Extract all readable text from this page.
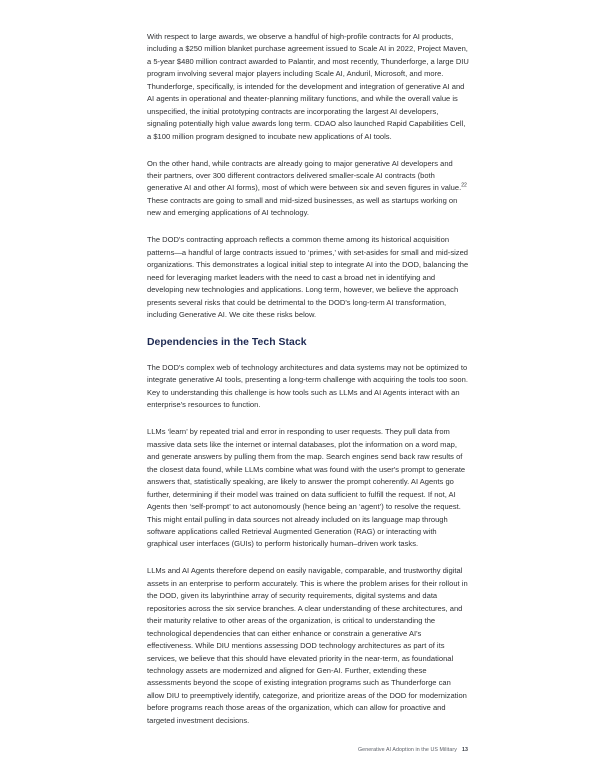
With respect to large awards, we observe a handful of high-profile contracts for AI products, including a $250 million blanket purchase agreement issued to Scale AI in 2022, Project Maven, a 5-year $480 million contract awarded to Palantir, and most recently, Thunderforge, a large DIU program involving several major players including Scale AI, Anduril, Microsoft, and more. Thunderforge, specifically, is intended for the development and integration of generative AI and AI agents in operational and theater-planning military functions, and while the overall value is unspecified, the initial prototyping contracts are incorporating the largest AI developers, signaling potentially high value awards long term. CDAO also launched Rapid Capabilities Cell, a $100 million program designed to incubate new applications of AI tools.

On the other hand, while contracts are already going to major generative AI developers and their partners, over 300 different contractors delivered smaller-scale AI contracts (both generative AI and other AI forms), most of which were between six and seven figures in value.$^{22}$ These contracts are going to small and mid-sized businesses, as well as startups working on new and emerging applications of AI technology.

The DOD's contracting approach reflects a common theme among its historical acquisition patterns—a handful of large contracts issued to ‘primes,’ with set-asides for small and mid-sized organizations. This demonstrates a logical initial step to integrate AI into the DOD, balancing the need for leveraging market leaders with the need to cast a broad net in identifying and developing new technologies and applications. Long term, however, we believe the approach presents several risks that could be detrimental to the DOD's long-term AI transformation, including Generative AI. We cite these risks below.

Dependencies in the Tech Stack

The DOD's complex web of technology architectures and data systems may not be optimized to integrate generative AI tools, presenting a long-term challenge with acquiring the tools too soon. Key to understanding this challenge is how tools such as LLMs and AI Agents interact with an enterprise's resources to function.

LLMs ‘learn’ by repeated trial and error in responding to user requests. They pull data from massive data sets like the internet or internal databases, plot the information on a word map, and generate answers by pulling them from the map. Search engines send back raw results of the closest data found, while LLMs combine what was found with the user's prompt to generate answers that, statistically speaking, are likely to answer the prompt coherently. AI Agents go further, determining if their model was trained on data sufficient to fulfill the request. If not, AI Agents then ‘self-prompt’ to act autonomously (hence being an ‘agent’) to resolve the request. This might entail pulling in data sources not already included on its language map through software applications called Retrieval Augmented Generation (RAG) or interacting with graphical user interfaces (GUIs) to perform historically human–driven work tasks.

LLMs and AI Agents therefore depend on easily navigable, comparable, and trustworthy digital assets in an enterprise to perform accurately. This is where the problem arises for their rollout in the DOD, given its labyrinthine array of security requirements, digital systems and data repositories across the six service branches. A clear understanding of these architectures, and their maturity relative to other areas of the organization, is critical to understanding the technological dependencies that can either enhance or constrain a generative AI's effectiveness. While DIU mentions assessing DOD technology architectures as part of its services, we believe that this should have elevated priority in the near-term, as foundational technology assets are modernized and aligned for Gen-AI. Further, extending these assessments beyond the scope of existing integration programs such as Thunderforge can allow DIU to preemptively identify, categorize, and prioritize areas of the DOD for modernization before programs reach those areas of the organization, which can allow for proactive and targeted investment decisions.

Generative AI Adoption in the US Military 13
